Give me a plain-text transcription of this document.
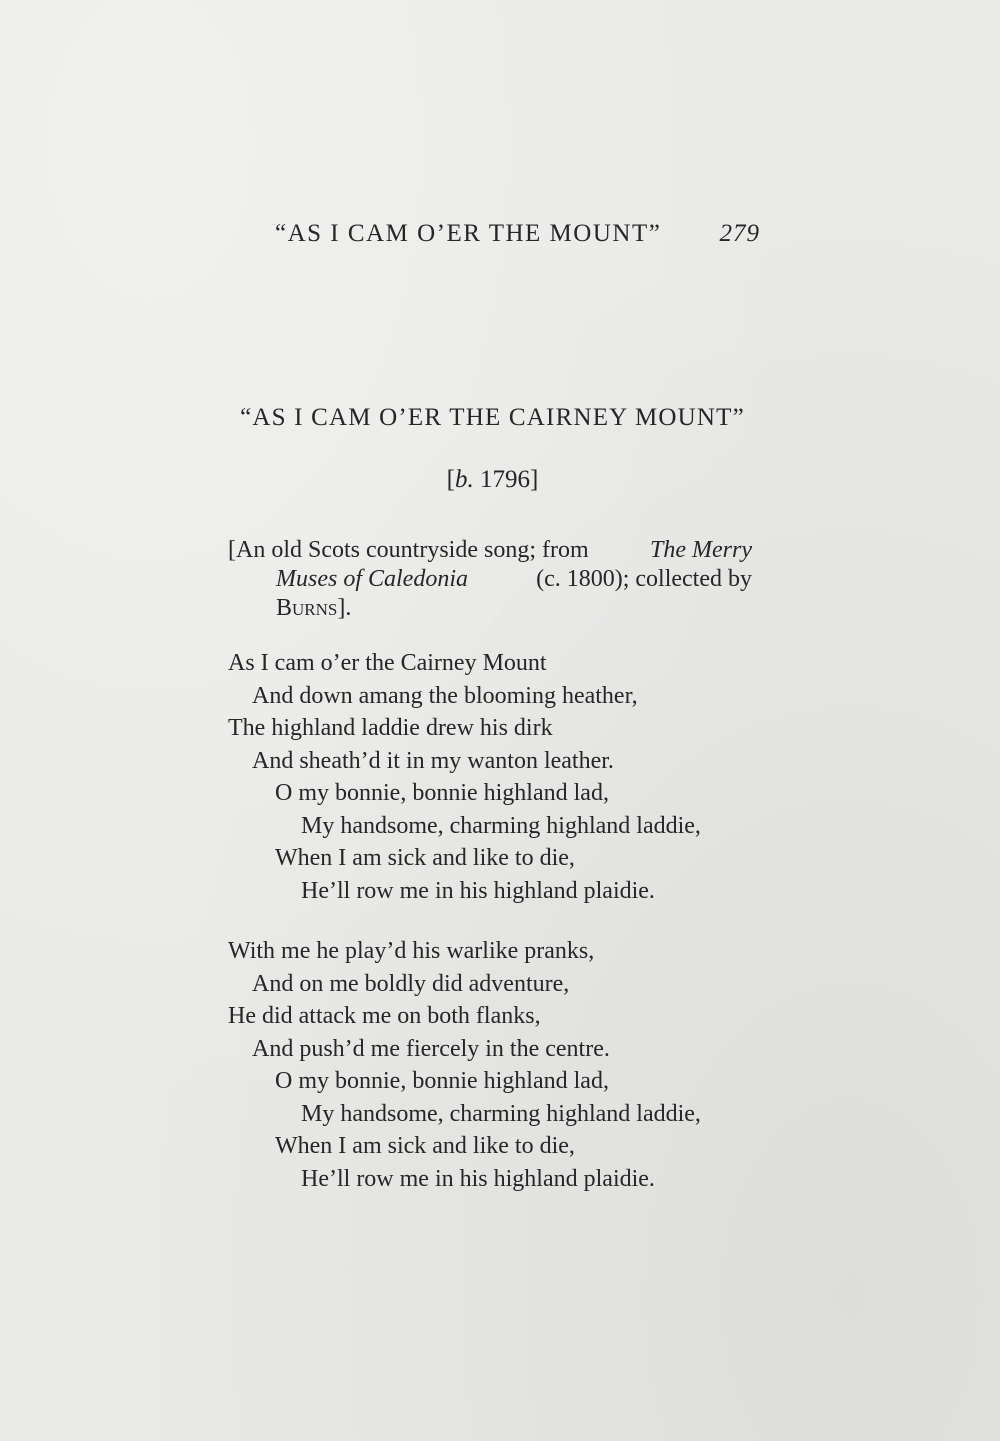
“AS I CAM O’ER THE MOUNT” 279
“AS I CAM O’ER THE CAIRNEY MOUNT”
[b. 1796]
[An old Scots countryside song; from	The Merry
Muses of Caledonia	(c. 1800); collected by
Burns].
As I cam o’er the Cairney Mount
And down amang the blooming heather,
The highland laddie drew his dirk
And sheath’d it in my wanton leather.
O my bonnie, bonnie highland lad,
My handsome, charming highland laddie,
When I am sick and like to die,
He’ll row me in his highland plaidie.
With me he play’d his warlike pranks,
And on me boldly did adventure,
He did attack me on both flanks,
And push’d me fiercely in the centre.
O my bonnie, bonnie highland lad,
My handsome, charming highland laddie,
When I am sick and like to die,
He’ll row me in his highland plaidie.
